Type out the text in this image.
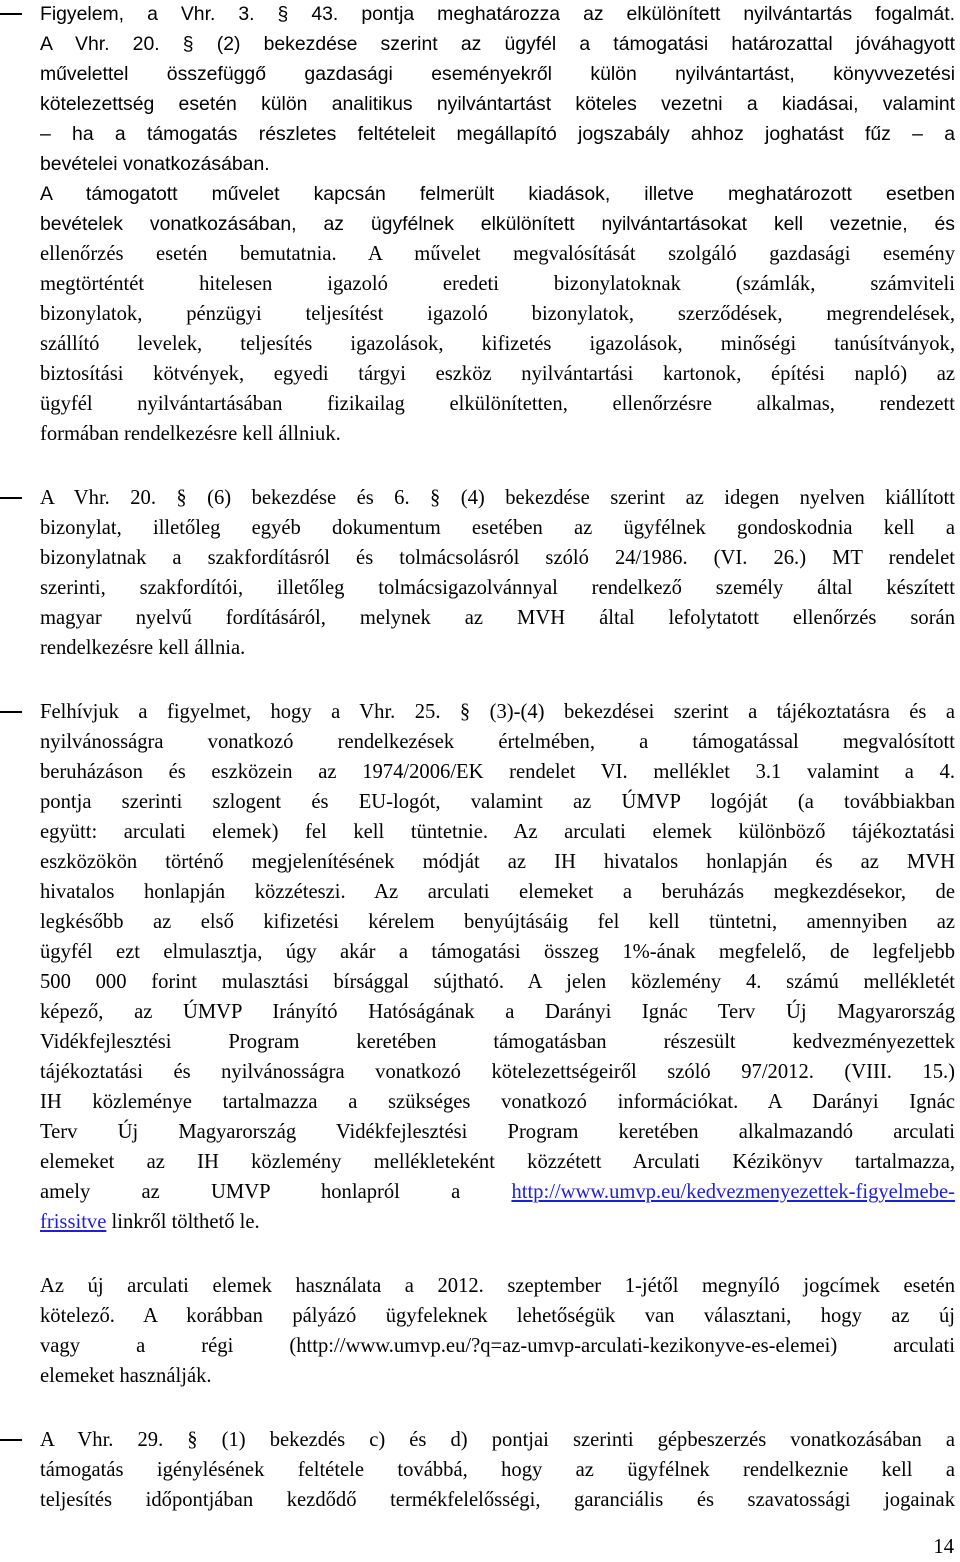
Figyelem, a Vhr. 3. § 43. pontja meghatározza az elkülönített nyilvántartás fogalmát.
A Vhr. 20. § (2) bekezdése szerint az ügyfél a támogatási határozattal jóváhagyott
művelettel összefüggő gazdasági eseményekről külön nyilvántartást, könyvvezetési
kötelezettség esetén külön analitikus nyilvántartást köteles vezetni a kiadásai, valamint
– ha a támogatás részletes feltételeit megállapító jogszabály ahhoz joghatást fűz – a
bevételei vonatkozásában.
A támogatott művelet kapcsán felmerült kiadások, illetve meghatározott esetben
bevételek vonatkozásában, az ügyfélnek elkülönített nyilvántartásokat kell vezetnie, és
ellenőrzés esetén bemutatnia. A művelet megvalósítását szolgáló gazdasági esemény
megtörténtét hitelesen igazoló eredeti bizonylatoknak (számlák, számviteli
bizonylatok, pénzügyi teljesítést igazoló bizonylatok, szerződések, megrendelések,
szállító levelek, teljesítés igazolások, kifizetés igazolások, minőségi tanúsítványok,
biztosítási kötvények, egyedi tárgyi eszköz nyilvántartási kartonok, építési napló) az
ügyfél nyilvántartásában fizikailag elkülönítetten, ellenőrzésre alkalmas, rendezett
formában rendelkezésre kell állniuk.
A Vhr. 20. § (6) bekezdése és 6. § (4) bekezdése szerint az idegen nyelven kiállított
bizonylat, illetőleg egyéb dokumentum esetében az ügyfélnek gondoskodnia kell a
bizonylatnak a szakfordításról és tolmácsolásról szóló 24/1986. (VI. 26.) MT rendelet
szerinti, szakfordítói, illetőleg tolmácsigazolvánnyal rendelkező személy által készített
magyar nyelvű fordításáról, melynek az MVH által lefolytatott ellenőrzés során
rendelkezésre kell állnia.
Felhívjuk a figyelmet, hogy a Vhr. 25. § (3)-(4) bekezdései szerint a tájékoztatásra és a
nyilvánosságra vonatkozó rendelkezések értelmében, a támogatással megvalósított
beruházáson és eszközein az 1974/2006/EK rendelet VI. melléklet 3.1 valamint a 4.
pontja szerinti szlogent és EU-logót, valamint az ÚMVP logóját (a továbbiakban
együtt: arculati elemek) fel kell tüntetnie. Az arculati elemek különböző tájékoztatási
eszközökön történő megjelenítésének módját az IH hivatalos honlapján és az MVH
hivatalos honlapján közzéteszi. Az arculati elemeket a beruházás megkezdésekor, de
legkésőbb az első kifizetési kérelem benyújtásáig fel kell tüntetni, amennyiben az
ügyfél ezt elmulasztja, úgy akár a támogatási összeg 1%-ának megfelelő, de legfeljebb
500 000 forint mulasztási bírsággal sújtható. A jelen közlemény 4. számú mellékletét
képező, az ÚMVP Irányító Hatóságának a Darányi Ignác Terv Új Magyarország
Vidékfejlesztési Program keretében támogatásban részesült kedvezményezettek
tájékoztatási és nyilvánosságra vonatkozó kötelezettségeiről szóló 97/2012. (VIII. 15.)
IH közleménye tartalmazza a szükséges vonatkozó információkat. A Darányi Ignác
Terv Új Magyarország Vidékfejlesztési Program keretében alkalmazandó arculati
elemeket az IH közlemény mellékleteként közzétett Arculati Kézikönyv tartalmazza,
amely az UMVP honlapról a http://www.umvp.eu/kedvezmenyezettek-figyelmebe-
frissitve linkről tölthető le.
Az új arculati elemek használata a 2012. szeptember 1-jétől megnyíló jogcímek esetén
kötelező. A korábban pályázó ügyfeleknek lehetőségük van választani, hogy az új
vagy a régi (http://www.umvp.eu/?q=az-umvp-arculati-kezikonyve-es-elemei) arculati
elemeket használják.
A Vhr. 29. § (1) bekezdés c) és d) pontjai szerinti gépbeszerzés vonatkozásában a
támogatás igénylésének feltétele továbbá, hogy az ügyfélnek rendelkeznie kell a
teljesítés időpontjában kezdődő termékfelelősségi, garanciális és szavatossági jogainak
14
